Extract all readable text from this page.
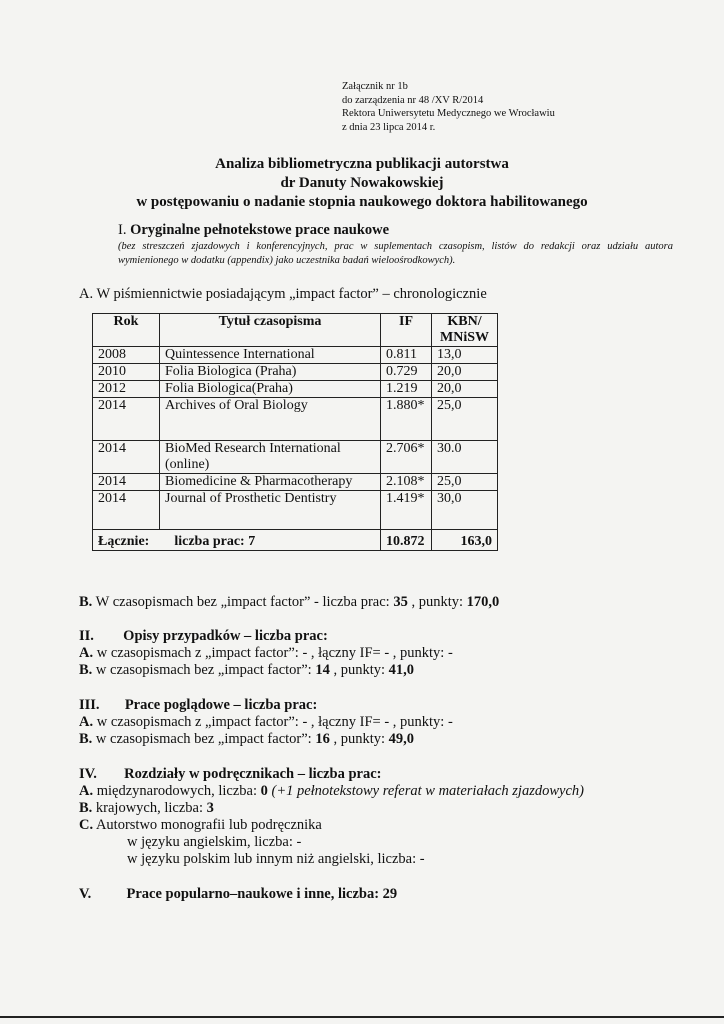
Załącznik nr 1b
do zarządzenia nr 48 /XV R/2014
Rektora Uniwersytetu Medycznego we Wrocławiu
z dnia 23 lipca 2014 r.
Analiza bibliometryczna publikacji autorstwa
dr Danuty Nowakowskiej
w postępowaniu o nadanie stopnia naukowego doktora habilitowanego
I. Oryginalne pełnotekstowe prace naukowe
(bez streszczeń zjazdowych i konferencyjnych, prac w suplementach czasopism, listów do redakcji oraz udziału autora wymienionego w dodatku (appendix) jako uczestnika badań wieloośrodkowych).
A. W piśmiennictwie posiadającym „impact factor” – chronologicznie
Rok	Tytuł czasopisma	IF	KBN/ MNiSW
2008	Quintessence International	0.811	13,0
2010	Folia Biologica (Praha)	0.729	20,0
2012	Folia Biologica(Praha)	1.219	20,0
2014	Archives of Oral Biology	1.880*	25,0
2014	BioMed Research International (online)	2.706*	30.0
2014	Biomedicine & Pharmacotherapy	2.108*	25,0
2014	Journal of Prosthetic Dentistry	1.419*	30,0
Łącznie: liczba prac: 7		10.872	163,0
B. W czasopismach bez „impact factor” - liczba prac: 35 , punkty: 170,0
II. Opisy przypadków – liczba prac:
A. w czasopismach z „impact factor”: - , łączny IF= - , punkty: -
B. w czasopismach bez „impact factor”: 14 , punkty: 41,0
III. Prace poglądowe – liczba prac:
A. w czasopismach z „impact factor”: - , łączny IF= - , punkty: -
B. w czasopismach bez „impact factor”: 16 , punkty: 49,0
IV. Rozdziały w podręcznikach – liczba prac:
A. międzynarodowych, liczba: 0 (+1 pełnotekstowy referat w materiałach zjazdowych)
B. krajowych, liczba: 3
C. Autorstwo monografii lub podręcznika
w języku angielskim, liczba: -
w języku polskim lub innym niż angielski, liczba: -
V. Prace popularno–naukowe i inne, liczba: 29
